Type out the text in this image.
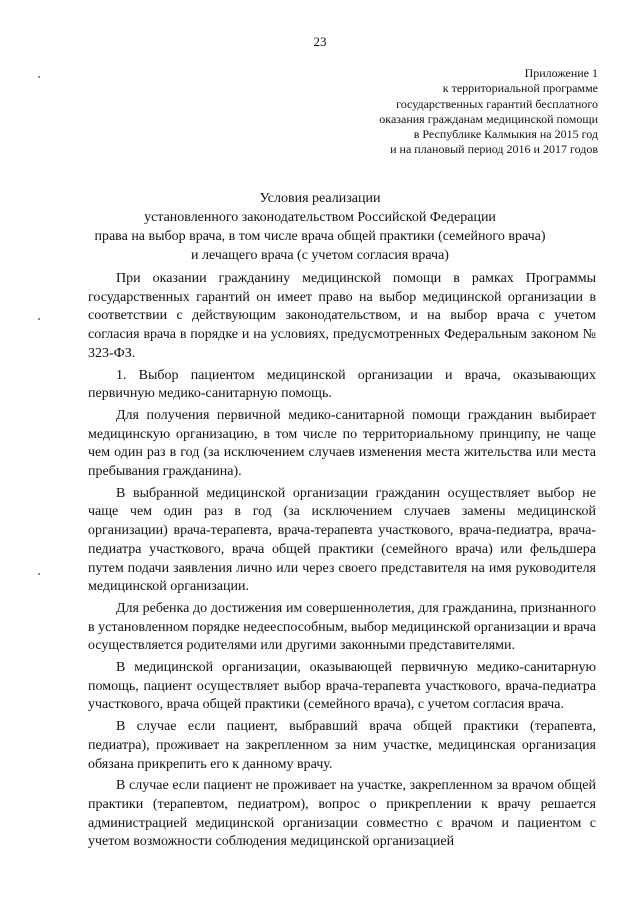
23
Приложение 1
к территориальной программе
государственных гарантий бесплатного
оказания гражданам медицинской помощи
в Республике Калмыкия на 2015 год
и на плановый период 2016 и 2017 годов
Условия реализации
установленного законодательством Российской Федерации
права на выбор врача, в том числе врача общей практики (семейного врача)
и лечащего врача (с учетом согласия врача)

При оказании гражданину медицинской помощи в рамках Программы государственных гарантий он имеет право на выбор медицинской организации в соответствии с действующим законодательством, и на выбор врача с учетом согласия врача в порядке и на условиях, предусмотренных Федеральным законом № 323-ФЗ.

1. Выбор пациентом медицинской организации и врача, оказывающих первичную медико-санитарную помощь.

Для получения первичной медико-санитарной помощи гражданин выбирает медицинскую организацию, в том числе по территориальному принципу, не чаще чем один раз в год (за исключением случаев изменения места жительства или места пребывания гражданина).

В выбранной медицинской организации гражданин осуществляет выбор не чаще чем один раз в год (за исключением случаев замены медицинской организации) врача-терапевта, врача-терапевта участкового, врача-педиатра, врача-педиатра участкового, врача общей практики (семейного врача) или фельдшера путем подачи заявления лично или через своего представителя на имя руководителя медицинской организации.

Для ребенка до достижения им совершеннолетия, для гражданина, признанного в установленном порядке недееспособным, выбор медицинской организации и врача осуществляется родителями или другими законными представителями.

В медицинской организации, оказывающей первичную медико-санитарную помощь, пациент осуществляет выбор врача-терапевта участкового, врача-педиатра участкового, врача общей практики (семейного врача), с учетом согласия врача.

В случае если пациент, выбравший врача общей практики (терапевта, педиатра), проживает на закрепленном за ним участке, медицинская организация обязана прикрепить его к данному врачу.

В случае если пациент не проживает на участке, закрепленном за врачом общей практики (терапевтом, педиатром), вопрос о прикреплении к врачу решается администрацией медицинской организации совместно с врачом и пациентом с учетом возможности соблюдения медицинской организацией
